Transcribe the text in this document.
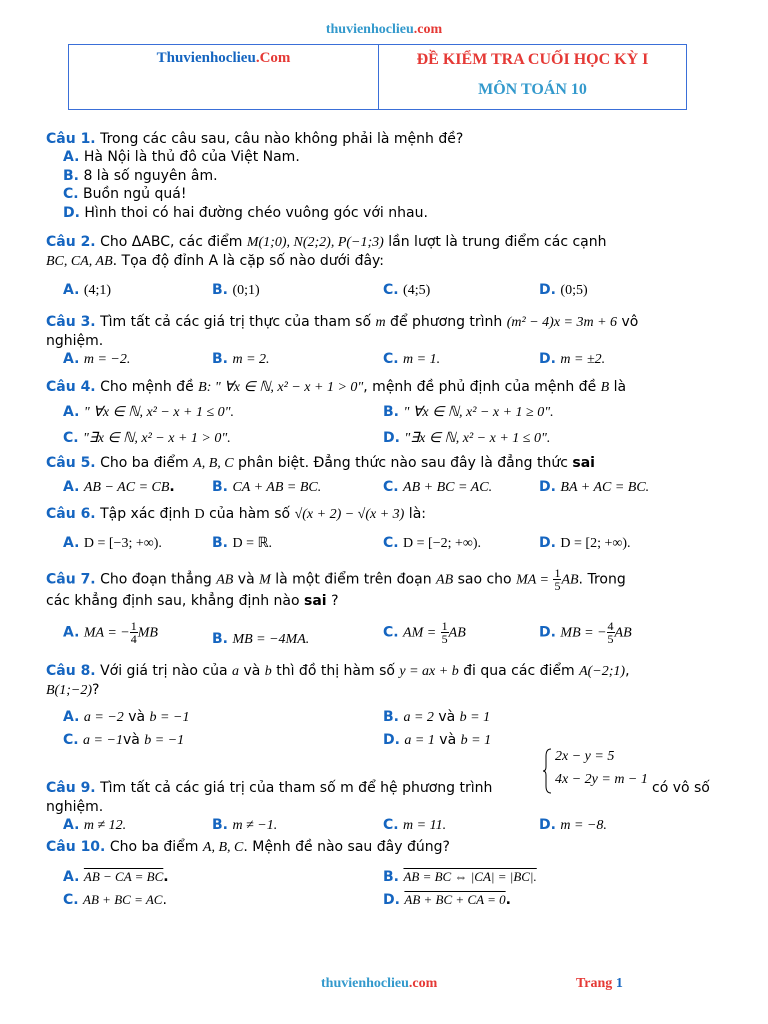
thuvienhoclieu.com
Thuvienhoclieu.Com	ĐỀ KIỂM TRA CUỐI HỌC KỲ I
MÔN TOÁN 10
Câu 1. Trong các câu sau, câu nào không phải là mệnh đề?
A. Hà Nội là thủ đô của Việt Nam.
B. 8 là số nguyên âm.
C. Buồn ngủ quá!
D. Hình thoi có hai đường chéo vuông góc với nhau.
Câu 2. Cho ΔABC, các điểm M(1;0), N(2;2), P(−1;3) lần lượt là trung điểm các cạnh
BC, CA, AB. Tọa độ đỉnh A là cặp số nào dưới đây:
A. (4;1)	B. (0;1)	C. (4;5)	D. (0;5)
Câu 3. Tìm tất cả các giá trị thực của tham số m để phương trình (m² − 4)x = 3m + 6 vô
nghiệm.
A. m = −2.	B. m = 2.	C. m = 1.	D. m = ±2.
Câu 4. Cho mệnh đề B: " ∀x ∈ ℕ, x² − x + 1 > 0", mệnh đề phủ định của mệnh đề B là
A. " ∀x ∈ ℕ, x² − x + 1 ≤ 0".	B. " ∀x ∈ ℕ, x² − x + 1 ≥ 0".
C. "∃x ∈ ℕ, x² − x + 1 > 0".	D. "∃x ∈ ℕ, x² − x + 1 ≤ 0".
Câu 5. Cho ba điểm A, B, C phân biệt. Đẳng thức nào sau đây là đẳng thức sai
A. AB − AC = CB.	B. CA + AB = BC.	C. AB + BC = AC.	D. BA + AC = BC.
Câu 6. Tập xác định D của hàm số √(x + 2) − √(x + 3) là:
A. D = [−3; +∞).	B. D = ℝ.	C. D = [−2; +∞).	D. D = [2; +∞).
Câu 7. Cho đoạn thẳng AB và M là một điểm trên đoạn AB sao cho MA = $\frac{1}{5}$ AB. Trong
các khẳng định sau, khẳng định nào sai ?
A. MA = − $\frac{1}{4}$ MB	B. MB = −4MA.	C. AM = $\frac{1}{5}$ AB	D. MB = − $\frac{4}{5}$ AB
Câu 8. Với giá trị nào của a và b thì đồ thị hàm số y = ax + b đi qua các điểm A(−2;1),
B(1;−2)?
A. a = −2 và b = −1	B. a = 2 và b = 1
C. a = −1và b = −1	D. a = 1 và b = 1
Câu 9. Tìm tất cả các giá trị của tham số m để hệ phương trình
nghiệm.
2x − y = 5
4x − 2y = m − 1
có vô số
A. m ≠ 12.	B. m ≠ −1.	C. m = 11.	D. m = −8.
Câu 10. Cho ba điểm A, B, C. Mệnh đề nào sau đây đúng?
A. AB − CA = BC.	B. AB = BC ⇔ |CA| = |BC|.
C. AB + BC = AC.	D. AB + BC + CA = 0.
thuvienhoclieu.com	Trang 1
